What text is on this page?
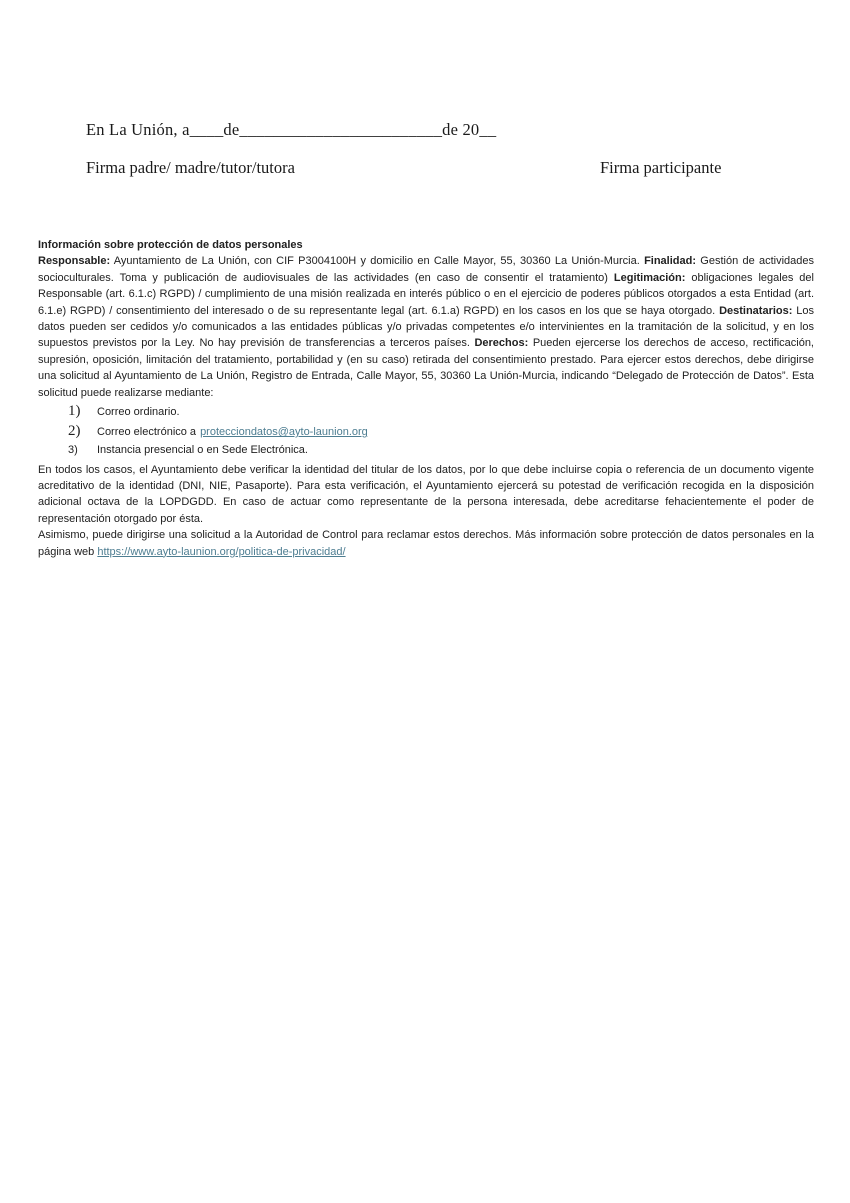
En La Unión, a____de________________________de 20__
Firma padre/ madre/tutor/tutora	Firma participante
Información sobre protección de datos personales

Responsable: Ayuntamiento de La Unión, con CIF P3004100H y domicilio en Calle Mayor, 55, 30360 La Unión-Murcia. Finalidad: Gestión de actividades socioculturales. Toma y publicación de audiovisuales de las actividades (en caso de consentir el tratamiento) Legitimación: obligaciones legales del Responsable (art. 6.1.c) RGPD) / cumplimiento de una misión realizada en interés público o en el ejercicio de poderes públicos otorgados a esta Entidad (art. 6.1.e) RGPD) / consentimiento del interesado o de su representante legal (art. 6.1.a) RGPD) en los casos en los que se haya otorgado. Destinatarios: Los datos pueden ser cedidos y/o comunicados a las entidades públicas y/o privadas competentes e/o intervinientes en la tramitación de la solicitud, y en los supuestos previstos por la Ley. No hay previsión de transferencias a terceros países. Derechos: Pueden ejercerse los derechos de acceso, rectificación, supresión, oposición, limitación del tratamiento, portabilidad y (en su caso) retirada del consentimiento prestado. Para ejercer estos derechos, debe dirigirse una solicitud al Ayuntamiento de La Unión, Registro de Entrada, Calle Mayor, 55, 30360 La Unión-Murcia, indicando “Delegado de Protección de Datos”. Esta solicitud puede realizarse mediante:

1)	Correo ordinario.
2)	Correo electrónico a protecciondatos@ayto-launion.org
3)	Instancia presencial o en Sede Electrónica.

En todos los casos, el Ayuntamiento debe verificar la identidad del titular de los datos, por lo que debe incluirse copia o referencia de un documento vigente acreditativo de la identidad (DNI, NIE, Pasaporte). Para esta verificación, el Ayuntamiento ejercerá su potestad de verificación recogida en la disposición adicional octava de la LOPDGDD. En caso de actuar como representante de la persona interesada, debe acreditarse fehacientemente el poder de representación otorgado por ésta.

Asimismo, puede dirigirse una solicitud a la Autoridad de Control para reclamar estos derechos. Más información sobre protección de datos personales en la página web https://www.ayto-launion.org/politica-de-privacidad/
